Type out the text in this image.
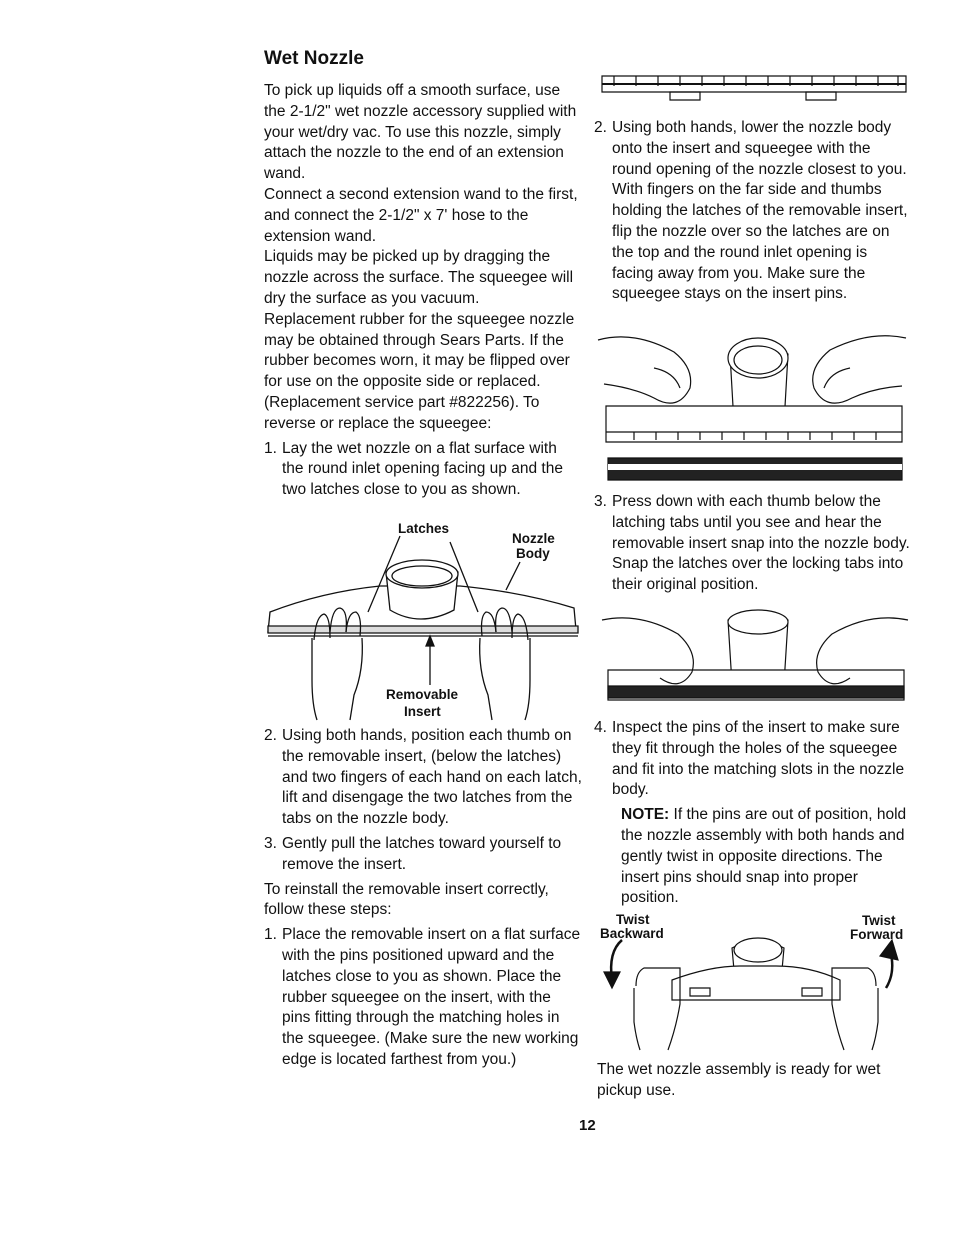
Wet Nozzle

To pick up liquids off a smooth surface, use the 2-1/2" wet nozzle accessory supplied with your wet/dry vac. To use this nozzle, simply attach the nozzle to the end of an extension wand.

Connect a second extension wand to the first, and connect the 2-1/2" x 7' hose to the extension wand.

Liquids may be picked up by dragging the nozzle across the surface. The squeegee will dry the surface as you vacuum.

Replacement rubber for the squeegee nozzle may be obtained through Sears Parts. If the rubber becomes worn, it may be flipped over for use on the opposite side or replaced. (Replacement service part #822256). To reverse or replace the squeegee:

1. Lay the wet nozzle on a flat surface with the round inlet opening facing up and the two latches close to you as shown.
Latches
Nozzle
Body
Removable
Insert
2. Using both hands, position each thumb on the removable insert, (below the latches) and two fingers of each hand on each latch, lift and disengage the two latches from the tabs on the nozzle body.
3. Gently pull the latches toward yourself to remove the insert.

To reinstall the removable insert correctly, follow these steps:

1. Place the removable insert on a flat surface with the pins positioned upward and the latches close to you as shown. Place the rubber squeegee on the insert, with the pins fitting through the matching holes in the squeegee. (Make sure the new working edge is located farthest from you.)
2. Using both hands, lower the nozzle body onto the insert and squeegee with the round opening of the nozzle closest to you. With fingers on the far side and thumbs holding the latches of the removable insert, flip the nozzle over so the latches are on the top and the round inlet opening is facing away from you. Make sure the squeegee stays on the insert pins.
3. Press down with each thumb below the latching tabs until you see and hear the removable insert snap into the nozzle body. Snap the latches over the locking tabs into their original position.
4. Inspect the pins of the insert to make sure they fit through the holes of the squeegee and fit into the matching slots in the nozzle body.
NOTE: If the pins are out of position, hold the nozzle assembly with both hands and gently twist in opposite directions. The insert pins should snap into proper position.
Twist
Backward
Twist
Forward

The wet nozzle assembly is ready for wet pickup use.

12
